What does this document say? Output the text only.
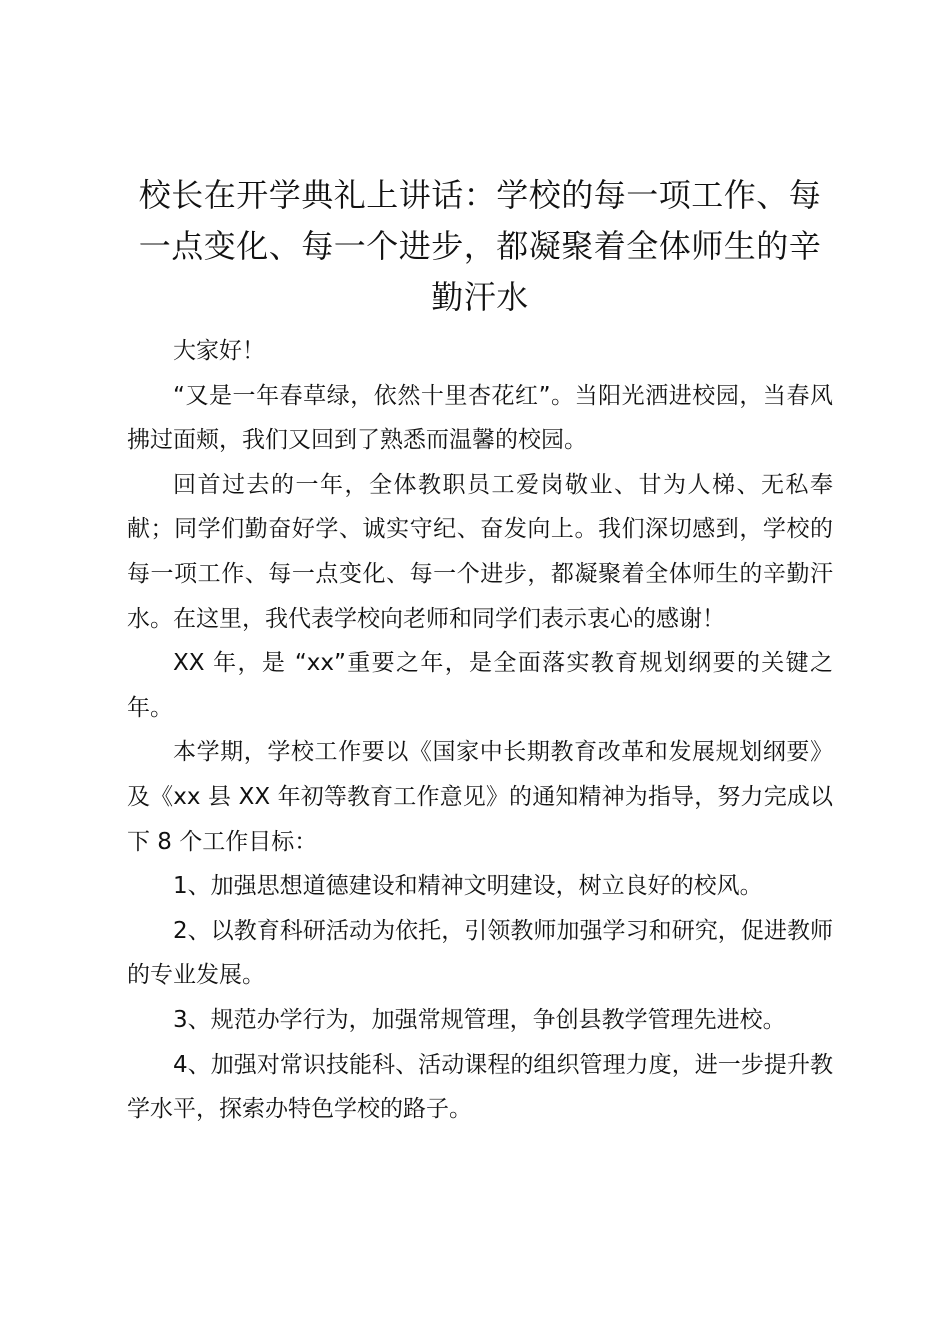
校长在开学典礼上讲话：学校的每一项工作、每一点变化、每一个进步，都凝聚着全体师生的辛勤汗水

大家好！

“又是一年春草绿，依然十里杏花红”。当阳光洒进校园，当春风拂过面颊，我们又回到了熟悉而温馨的校园。

回首过去的一年，全体教职员工爱岗敬业、甘为人梯、无私奉献；同学们勤奋好学、诚实守纪、奋发向上。我们深切感到，学校的每一项工作、每一点变化、每一个进步，都凝聚着全体师生的辛勤汗水。在这里，我代表学校向老师和同学们表示衷心的感谢！

XX 年，是 “xx”重要之年，是全面落实教育规划纲要的关键之年。

本学期，学校工作要以《国家中长期教育改革和发展规划纲要》及《xx 县 XX 年初等教育工作意见》的通知精神为指导，努力完成以下 8 个工作目标：

1、加强思想道德建设和精神文明建设，树立良好的校风。

2、以教育科研活动为依托，引领教师加强学习和研究，促进教师的专业发展。

3、规范办学行为，加强常规管理，争创县教学管理先进校。

4、加强对常识技能科、活动课程的组织管理力度，进一步提升教学水平，探索办特色学校的路子。
